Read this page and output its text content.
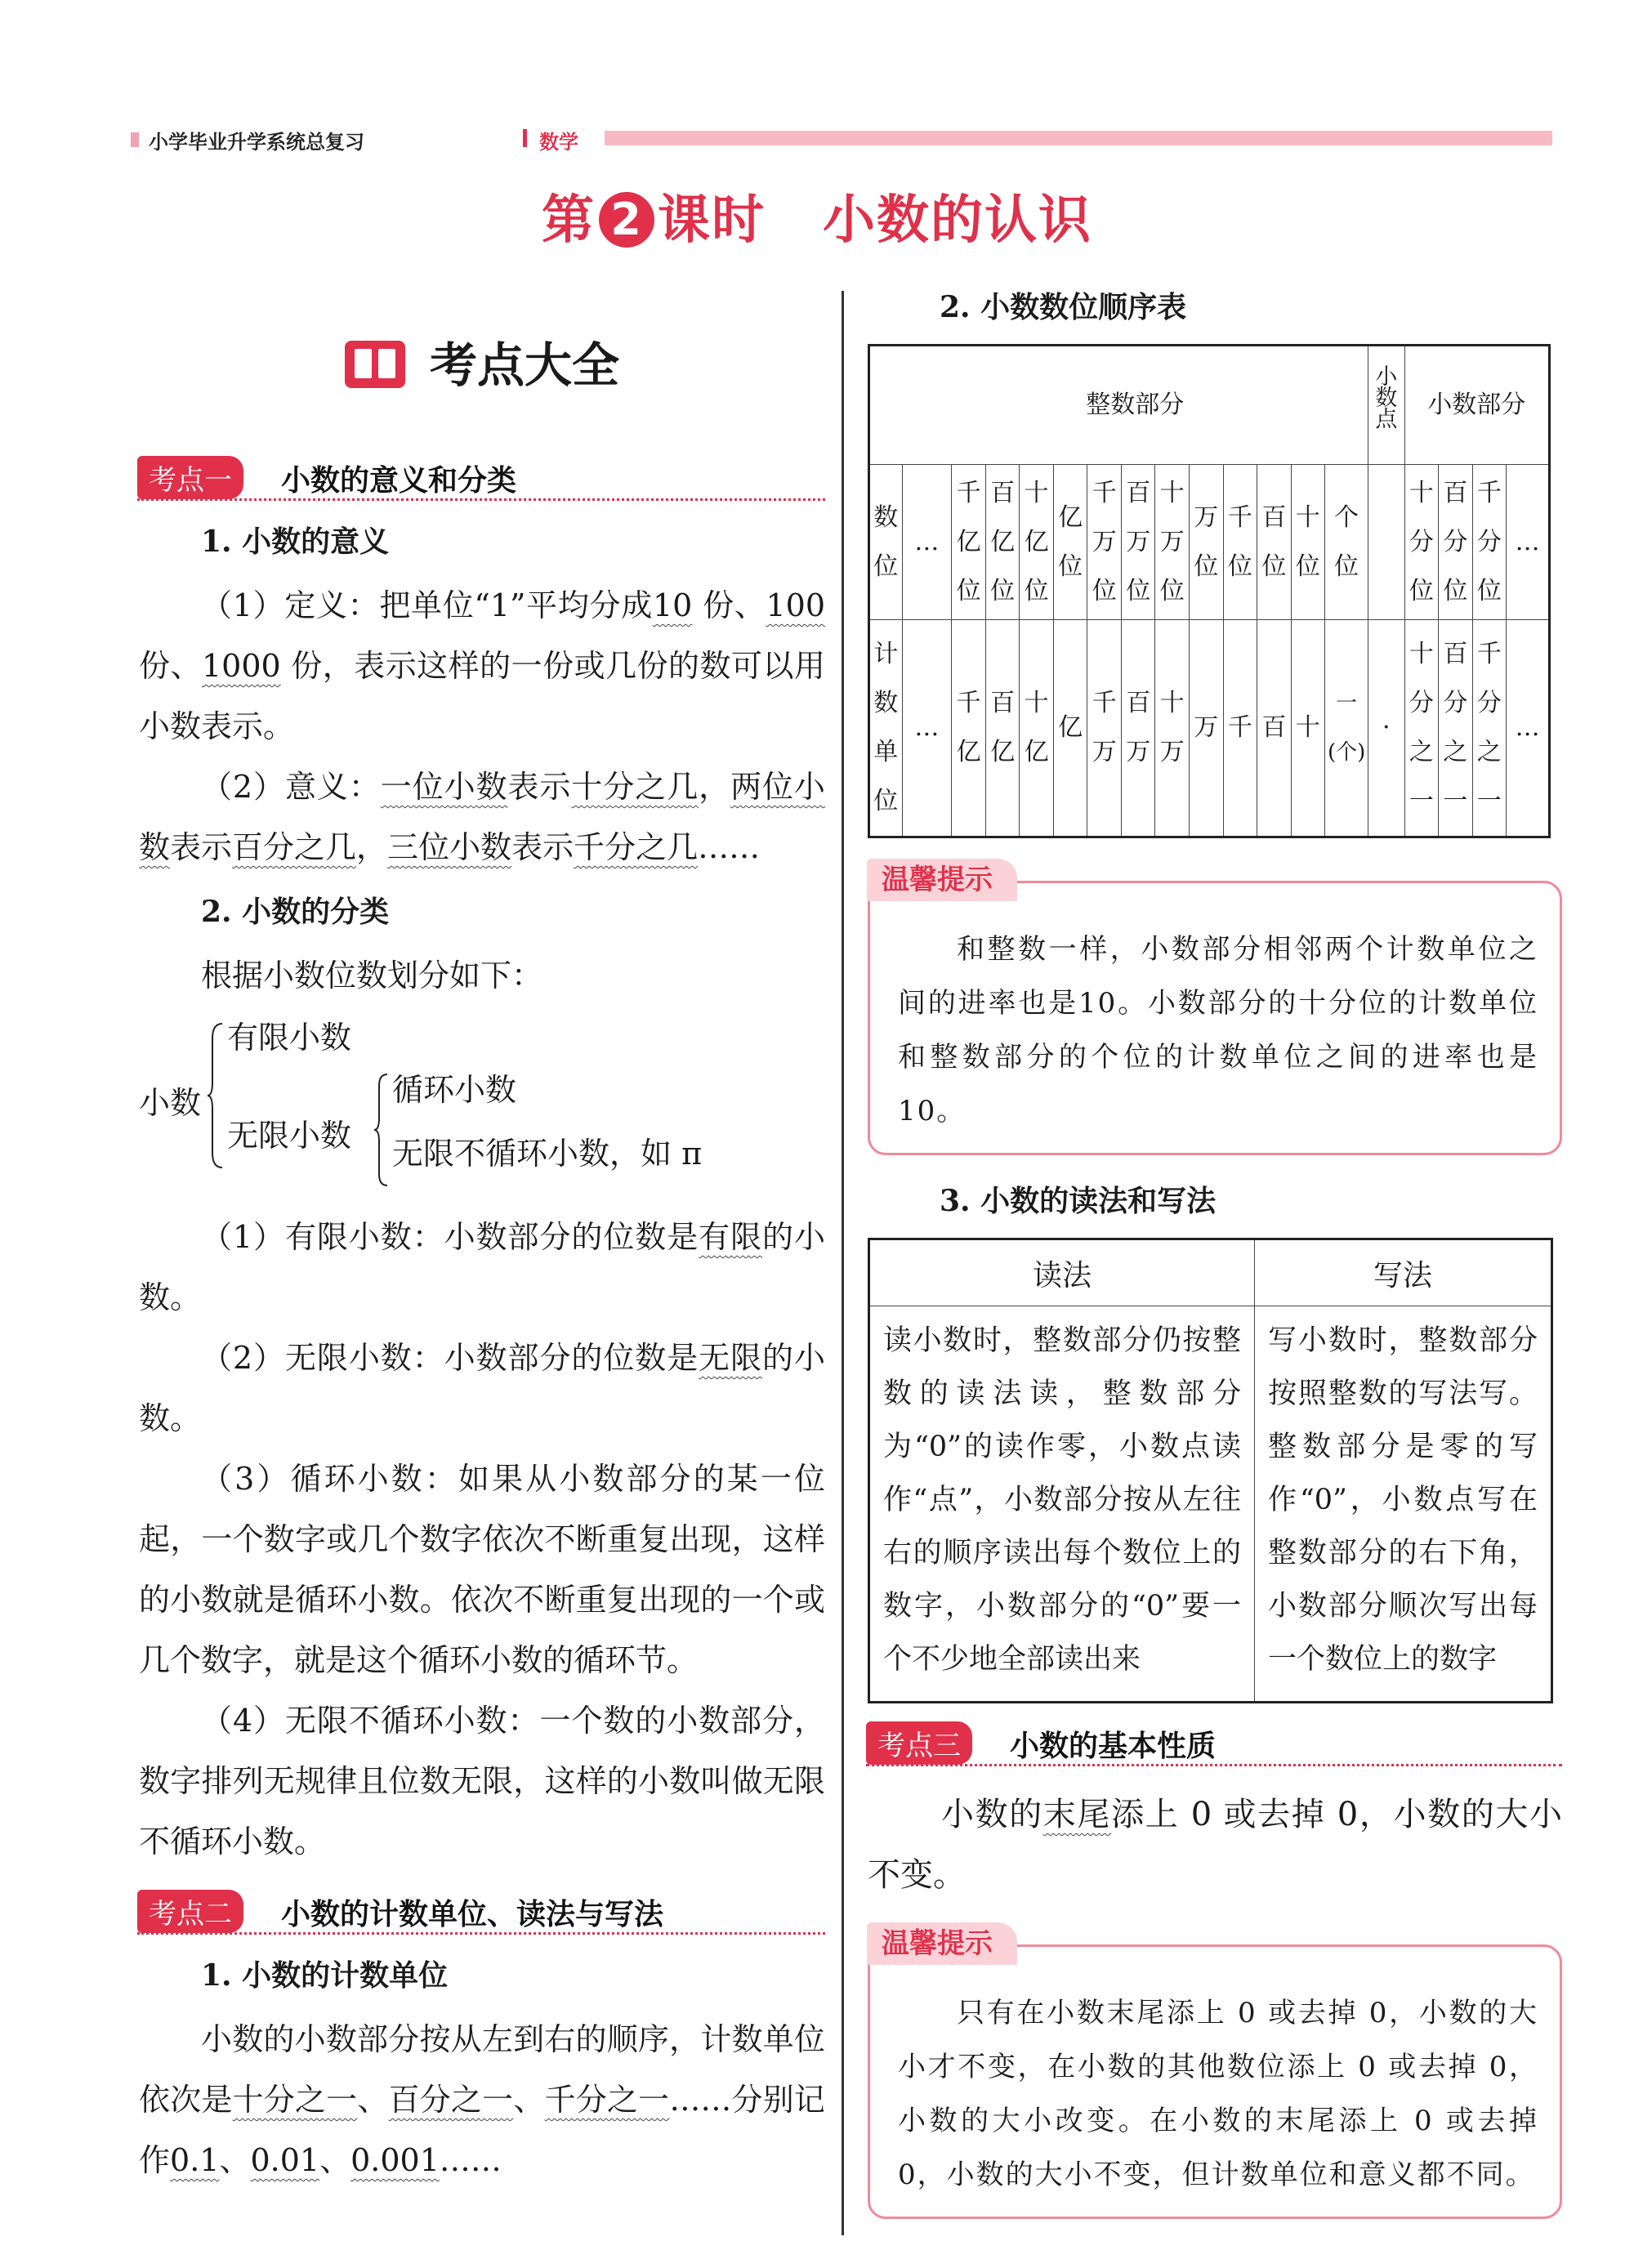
小学毕业升学系统总复习	数学
第 2 课时 小数的认识
考点大全
考点一	小数的意义和分类
1. 小数的意义

（1）定义：把单位“1”平均分成10 份、100 份、1000 份，表示这样的一份或几份的数可以用小数表示。

（2）意义：一位小数表示十分之几，两位小数表示百分之几，三位小数表示千分之几……

2. 小数的分类

根据小数位数划分如下：

小数
有限小数
无限小数
循环小数
无限不循环小数，如 π

（1）有限小数：小数部分的位数是有限的小数。

（2）无限小数：小数部分的位数是无限的小数。

（3）循环小数：如果从小数部分的某一位起，一个数字或几个数字依次不断重复出现，这样的小数就是循环小数。依次不断重复出现的一个或几个数字，就是这个循环小数的循环节。

（4）无限不循环小数：一个数的小数部分，数字排列无规律且位数无限，这样的小数叫做无限不循环小数。

考点二	小数的计数单位、读法与写法
1. 小数的计数单位

小数的小数部分按从左到右的顺序，计数单位依次是十分之一、百分之一、千分之一……分别记作0.1、0.01、0.001……

2. 小数数位顺序表
	整数部分													小数点	小数部分			
数位	…	千亿位	百亿位	十亿位	亿位	千万位	百万位	十万位	万位	千位	百位	十位	个位		十分位	百分位	千分位	…
计数单位	…	千亿	百亿	十亿	亿	千万	百万	十万	万	千	百	十	一(个)	·	十分之一	百分之一	千分之一	…
温馨提示

和整数一样，小数部分相邻两个计数单位之间的进率也是10。小数部分的十分位的计数单位和整数部分的个位的计数单位之间的进率也是10。

3. 小数的读法和写法
读法	写法
读小数时，整数部分仍按整数的读法读，整数部分为“0”的读作零，小数点读作“点”，小数部分按从左往右的顺序读出每个数位上的数字，小数部分的“0”要一个不少地全部读出来	写小数时，整数部分按照整数的写法写。整数部分是零的写作“0”，小数点写在整数部分的右下角，小数部分顺次写出每一个数位上的数字
考点三	小数的基本性质

小数的末尾添上 0 或去掉 0，小数的大小不变。

温馨提示

只有在小数末尾添上 0 或去掉 0，小数的大小才不变，在小数的其他数位添上 0 或去掉 0，小数的大小改变。在小数的末尾添上 0 或去掉 0，小数的大小不变，但计数单位和意义都不同。
